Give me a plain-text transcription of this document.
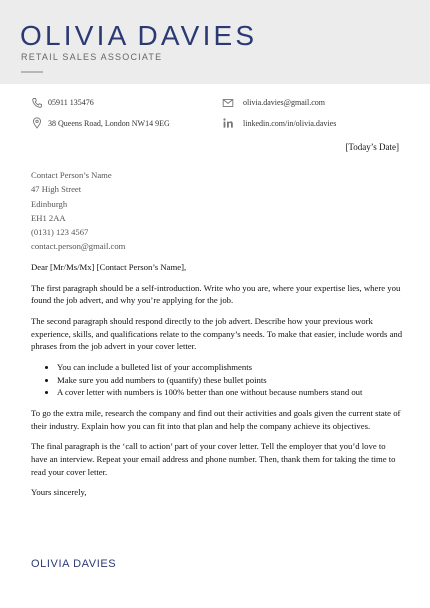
OLIVIA DAVIES
RETAIL SALES ASSOCIATE
05911 135476	olivia.davies@gmail.com
38 Queens Road, London NW14 9EG	linkedin.com/in/olivia.davies
[Today’s Date]
Contact Person’s Name
47 High Street
Edinburgh
EH1 2AA
(0131) 123 4567
contact.person@gmail.com

Dear [Mr/Ms/Mx] [Contact Person’s Name],

The first paragraph should be a self-introduction. Write who you are, where your expertise lies, where you found the job advert, and why you’re applying for the job.

The second paragraph should respond directly to the job advert. Describe how your previous work experience, skills, and qualifications relate to the company’s needs. To make that easier, include words and phrases from the job advert in your cover letter.

• You can include a bulleted list of your accomplishments
• Make sure you add numbers to (quantify) these bullet points
• A cover letter with numbers is 100% better than one without because numbers stand out

To go the extra mile, research the company and find out their activities and goals given the current state of their industry. Explain how you can fit into that plan and help the company achieve its objectives.

The final paragraph is the ‘call to action’ part of your cover letter. Tell the employer that you’d love to have an interview. Repeat your email address and phone number. Then, thank them for taking the time to read your cover letter.

Yours sincerely,

OLIVIA DAVIES
